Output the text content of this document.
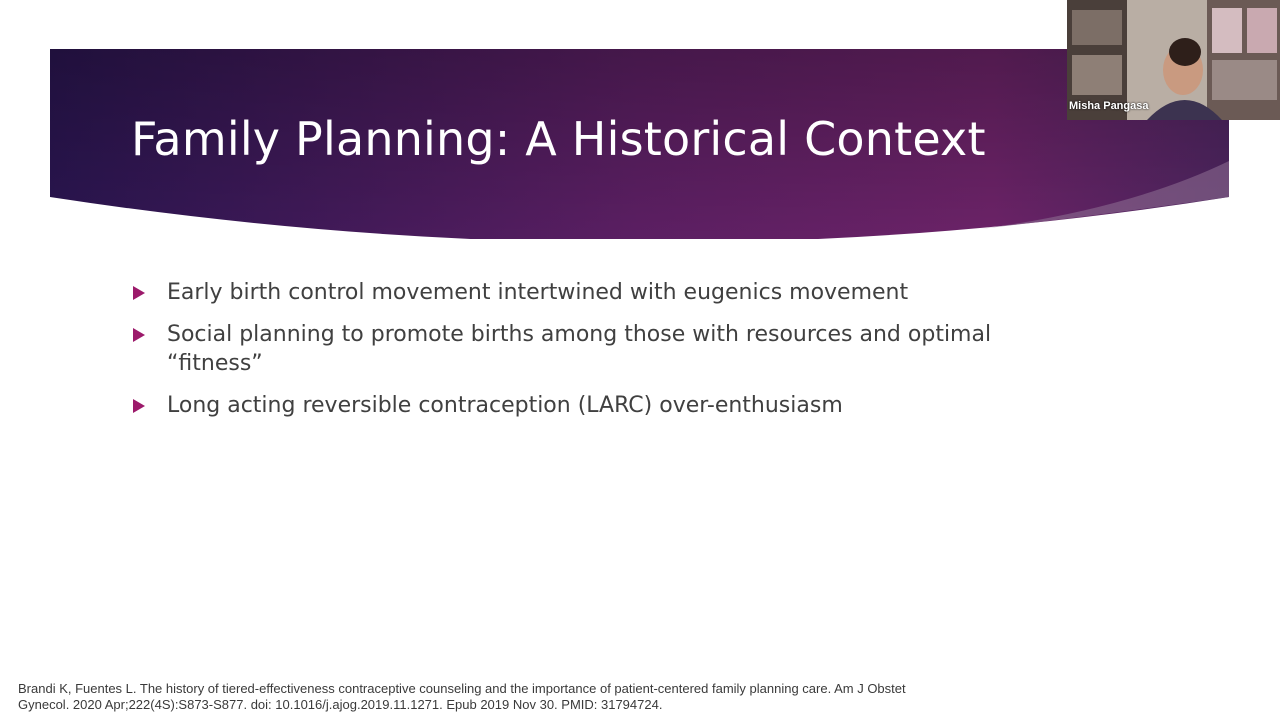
Family Planning: A Historical Context
Early birth control movement intertwined with eugenics movement
Social planning to promote births among those with resources and optimal “fitness”
Long acting reversible contraception (LARC) over-enthusiasm
Brandi K, Fuentes L. The history of tiered-effectiveness contraceptive counseling and the importance of patient-centered family planning care. Am J Obstet Gynecol. 2020 Apr;222(4S):S873-S877. doi: 10.1016/j.ajog.2019.11.1271. Epub 2019 Nov 30. PMID: 31794724.
Misha Pangasa
